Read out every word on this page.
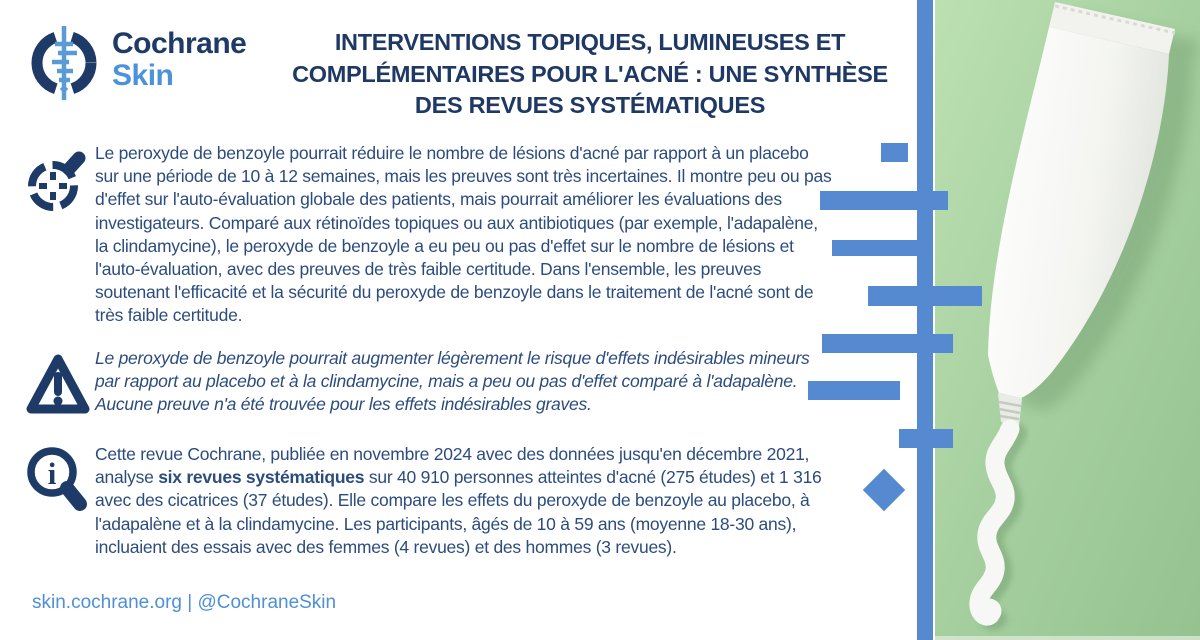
Cochrane
Skin
INTERVENTIONS TOPIQUES, LUMINEUSES ET
COMPLÉMENTAIRES POUR L'ACNÉ : UNE SYNTHÈSE
DES REVUES SYSTÉMATIQUES
Le peroxyde de benzoyle pourrait réduire le nombre de lésions d'acné par rapport à un placebo sur une période de 10 à 12 semaines, mais les preuves sont très incertaines. Il montre peu ou pas d'effet sur l'auto-évaluation globale des patients, mais pourrait améliorer les évaluations des investigateurs. Comparé aux rétinoïdes topiques ou aux antibiotiques (par exemple, l'adapalène, la clindamycine), le peroxyde de benzoyle a eu peu ou pas d'effet sur le nombre de lésions et l'auto-évaluation, avec des preuves de très faible certitude. Dans l'ensemble, les preuves soutenant l'efficacité et la sécurité du peroxyde de benzoyle dans le traitement de l'acné sont de très faible certitude.
Le peroxyde de benzoyle pourrait augmenter légèrement le risque d'effets indésirables mineurs par rapport au placebo et à la clindamycine, mais a peu ou pas d'effet comparé à l'adapalène. Aucune preuve n'a été trouvée pour les effets indésirables graves.
i
Cette revue Cochrane, publiée en novembre 2024 avec des données jusqu'en décembre 2021, analyse six revues systématiques sur 40 910 personnes atteintes d'acné (275 études) et 1 316 avec des cicatrices (37 études). Elle compare les effets du peroxyde de benzoyle au placebo, à l'adapalène et à la clindamycine. Les participants, âgés de 10 à 59 ans (moyenne 18-30 ans), incluaient des essais avec des femmes (4 revues) et des hommes (3 revues).
skin.cochrane.org | @CochraneSkin
